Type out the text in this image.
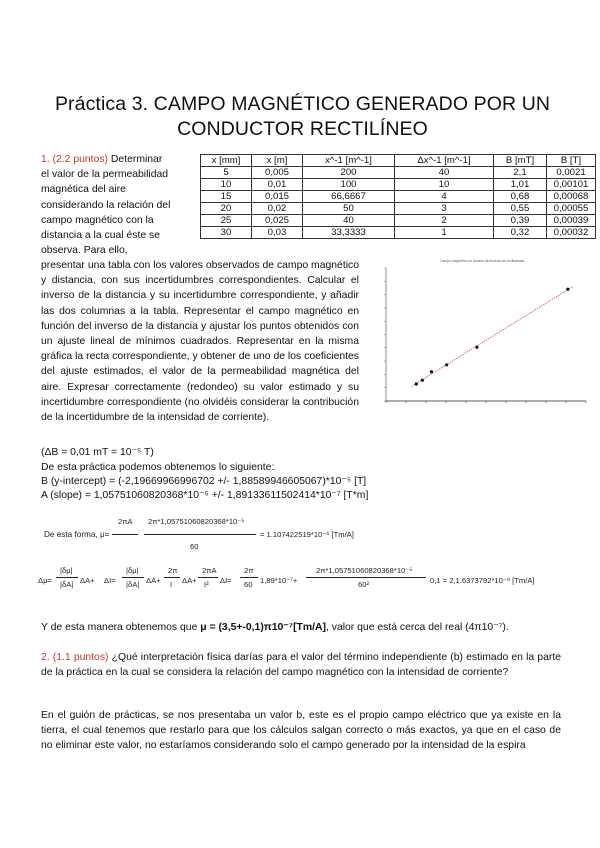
Práctica 3. CAMPO MAGNÉTICO GENERADO POR UN
CONDUCTOR RECTILÍNEO
1. (2.2 puntos) Determinar
el valor de la permeabilidad
magnética del aire
considerando la relación del
campo magnético con la
distancia a la cual éste se
observa. Para ello,
x [mm]	x [m]	x^-1 [m^-1]	Δx^-1 [m^-1]	B [mT]	B [T]
5	0,005	200	40	2,1	0,0021
10	0,01	100	10	1,01	0,00101
15	0,015	66,6667	4	0,68	0,00068
20	0,02	50	3	0,55	0,00055
25	0,025	40	2	0,39	0,00039
30	0,03	33,3333	1	0,32	0,00032
presentar una tabla con los valores observados de campo magnético y distancia, con sus incertidumbres correspondientes. Calcular el inverso de la distancia y su incertidumbre correspondiente, y añadir las dos columnas a la tabla. Representar el campo magnético en función del inverso de la distancia y ajustar los puntos obtenidos con un ajuste lineal de mínimos cuadrados. Representar en la misma gráfica la recta correspondiente, y obtener de uno de los coeficientes del ajuste estimados, el valor de la permeabilidad magnética del aire. Expresar correctamente (redondeo) su valor estimado y su incertidumbre correspondiente (no olvidéis considerar la contribución de la incertidumbre de la intensidad de corriente).
Campo magnético en función del inverso de la distancia
(ΔB = 0,01 mT = 10⁻⁵ T)
De esta práctica podemos obtenemos lo siguiente:
B (y-intercept) = (-2,19669966996702 +/- 1,88589946605067)*10⁻⁵ [T]
A (slope) = 1,05751060820368*10⁻⁵ +/- 1,89133611502414*10⁻⁷ [T*m]
De esta forma, μ=
2πA 2π*1,05751060820368*10⁻⁵
60
= 1.107422519*10⁻⁶ [Tm/A]
Δμ=
|δμ|
|δA| ΔA+ ΔI=
|δμ|
|δA| ΔA+
2π
I ΔA+
2πA
I² ΔI=
2π
60 1,89*10⁻⁷+
2π*1,05751060820368*10⁻⁵
60²	0,1 = 2,1.6373792*10⁻⁸ [Tm/A]
Y de esta manera obtenemos que μ = (3,5+-0,1)π10⁻⁷[Tm/A], valor que está cerca del real (4π10⁻⁷).
2. (1.1 puntos) ¿Qué interpretación física darías para el valor del término independiente (b) estimado en la parte de la práctica en la cual se considera la relación del campo magnético con la intensidad de corriente?
En el guión de prácticas, se nos presentaba un valor b, este es el propio campo eléctrico que ya existe en la tierra, el cual tenemos que restarlo para que los cálculos salgan correcto o más exactos, ya que en el caso de no eliminar este valor, no estaríamos considerando solo el campo generado por la intensidad de la espira
